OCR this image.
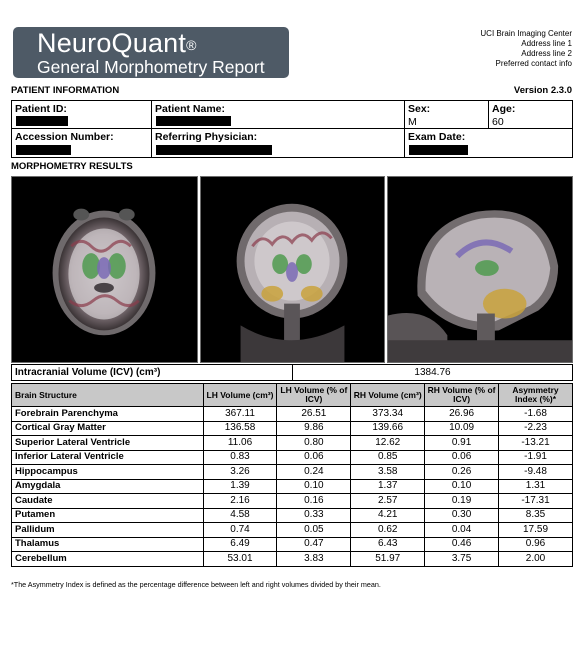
NeuroQuant®
General Morphometry Report
UCI Brain Imaging Center
Address line 1
Address line 2
Preferred contact info
PATIENT INFORMATION	Version 2.3.0
Patient ID:	Patient Name:	Sex:
M
Age:
60
Accession Number:	Referring Physician:	Exam Date:
MORPHOMETRY RESULTS
Intracranial Volume (ICV) (cm³)	1384.76
Brain Structure	LH Volume (cm³)	LH Volume (% of ICV)	RH Volume (cm³)	RH Volume (% of ICV)	Asymmetry Index (%)*
Forebrain Parenchyma	367.11	26.51	373.34	26.96	-1.68
Cortical Gray Matter	136.58	9.86	139.66	10.09	-2.23
Superior Lateral Ventricle	11.06	0.80	12.62	0.91	-13.21
Inferior Lateral Ventricle	0.83	0.06	0.85	0.06	-1.91
Hippocampus	3.26	0.24	3.58	0.26	-9.48
Amygdala	1.39	0.10	1.37	0.10	1.31
Caudate	2.16	0.16	2.57	0.19	-17.31
Putamen	4.58	0.33	4.21	0.30	8.35
Pallidum	0.74	0.05	0.62	0.04	17.59
Thalamus	6.49	0.47	6.43	0.46	0.96
Cerebellum	53.01	3.83	51.97	3.75	2.00
*The Asymmetry Index is defined as the percentage difference between left and right volumes divided by their mean.
